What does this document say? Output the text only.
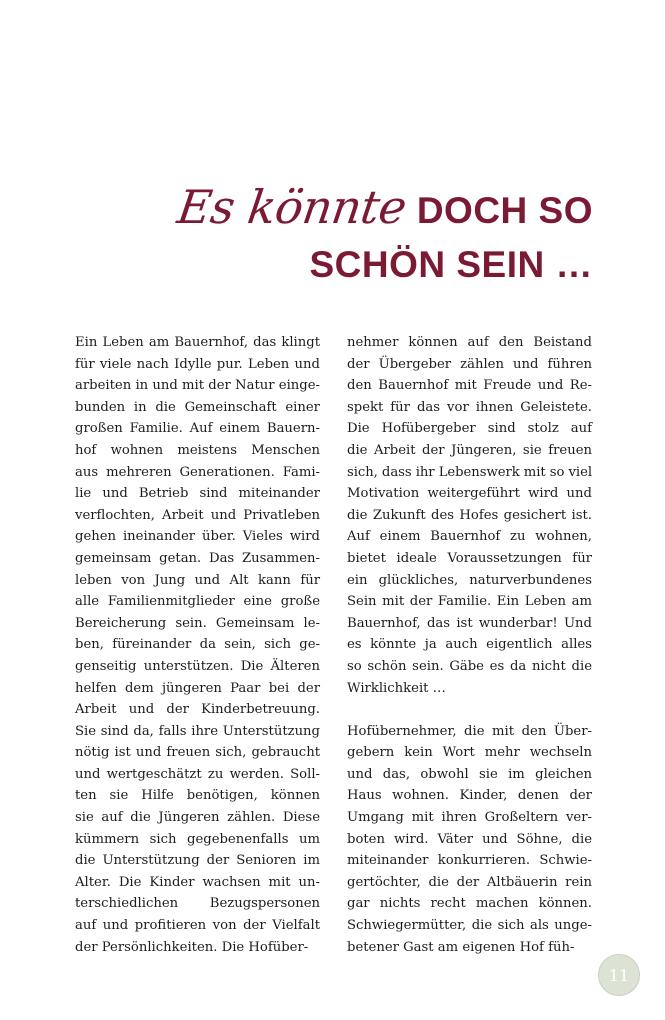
Es könnte DOCH SO
SCHÖN SEIN …
Ein Leben am Bauernhof, das klingt
für viele nach Idylle pur. Leben und
arbeiten in und mit der Natur einge-
bunden in die Gemeinschaft einer
großen Familie. Auf einem Bauern-
hof wohnen meistens Menschen
aus mehreren Generationen. Fami-
lie und Betrieb sind miteinander
verflochten, Arbeit und Privatleben
gehen ineinander über. Vieles wird
gemeinsam getan. Das Zusammen-
leben von Jung und Alt kann für
alle Familienmitglieder eine große
Bereicherung sein. Gemeinsam le-
ben, füreinander da sein, sich ge-
genseitig unterstützen. Die Älteren
helfen dem jüngeren Paar bei der
Arbeit und der Kinderbetreuung.
Sie sind da, falls ihre Unterstützung
nötig ist und freuen sich, gebraucht
und wertgeschätzt zu werden. Soll-
ten sie Hilfe benötigen, können
sie auf die Jüngeren zählen. Diese
kümmern sich gegebenenfalls um
die Unterstützung der Senioren im
Alter. Die Kinder wachsen mit un-
terschiedlichen Bezugspersonen
auf und profitieren von der Vielfalt
der Persönlichkeiten. Die Hofüber-
nehmer können auf den Beistand
der Übergeber zählen und führen
den Bauernhof mit Freude und Re-
spekt für das vor ihnen Geleistete.
Die Hofübergeber sind stolz auf
die Arbeit der Jüngeren, sie freuen
sich, dass ihr Lebenswerk mit so viel
Motivation weitergeführt wird und
die Zukunft des Hofes gesichert ist.
Auf einem Bauernhof zu wohnen,
bietet ideale Voraussetzungen für
ein glückliches, naturverbundenes
Sein mit der Familie. Ein Leben am
Bauernhof, das ist wunderbar! Und
es könnte ja auch eigentlich alles
so schön sein. Gäbe es da nicht die
Wirklichkeit …
Hofübernehmer, die mit den Über-
gebern kein Wort mehr wechseln
und das, obwohl sie im gleichen
Haus wohnen. Kinder, denen der
Umgang mit ihren Großeltern ver-
boten wird. Väter und Söhne, die
miteinander konkurrieren. Schwie-
gertöchter, die der Altbäuerin rein
gar nichts recht machen können.
Schwiegermütter, die sich als unge-
betener Gast am eigenen Hof füh-
11
